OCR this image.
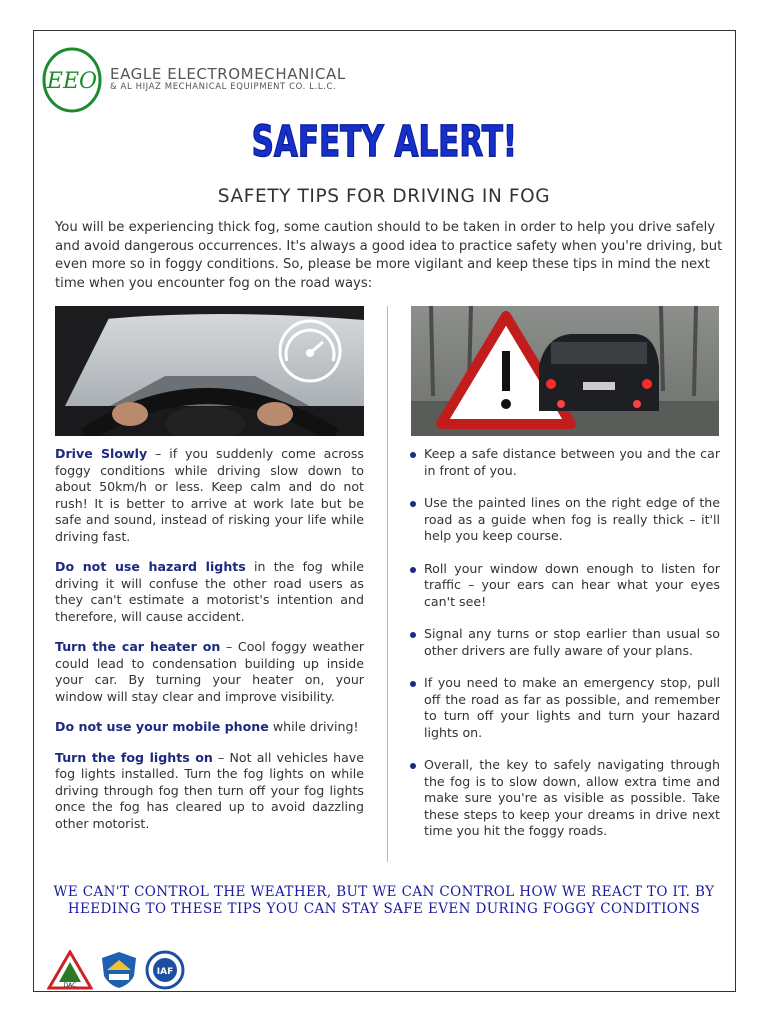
EEO EAGLE ELECTROMECHANICAL
& AL HIJAZ MECHANICAL EQUIPMENT CO. L.L.C.
SAFETY ALERT!
SAFETY TIPS FOR DRIVING IN FOG
You will be experiencing thick fog, some caution should to be taken in order to help you drive safely and avoid dangerous occurrences. It's always a good idea to practice safety when you're driving, but even more so in foggy conditions. So, please be more vigilant and keep these tips in mind the next time when you encounter fog on the road ways:

Drive Slowly – if you suddenly come across foggy conditions while driving slow down to about 50km/h or less. Keep calm and do not rush! It is better to arrive at work late but be safe and sound, instead of risking your life while driving fast.

Do not use hazard lights in the fog while driving it will confuse the other road users as they can't estimate a motorist's intention and therefore, will cause accident.

Turn the car heater on – Cool foggy weather could lead to condensation building up inside your car. By turning your heater on, your window will stay clear and improve visibility.

Do not use your mobile phone while driving!

Turn the fog lights on – Not all vehicles have fog lights installed. Turn the fog lights on while driving through fog then turn off your fog lights once the fog has cleared up to avoid dazzling other motorist.

Keep a safe distance between you and the car in front of you.
Use the painted lines on the right edge of the road as a guide when fog is really thick – it'll help you keep course.
Roll your window down enough to listen for traffic – your ears can hear what your eyes can't see!
Signal any turns or stop earlier than usual so other drivers are fully aware of your plans.
If you need to make an emergency stop, pull off the road as far as possible, and remember to turn off your lights and turn your hazard lights on.
Overall, the key to safely navigating through the fog is to slow down, allow extra time and make sure you're as visible as possible. Take these steps to keep your dreams in drive next time you hit the foggy roads.
WE CAN'T CONTROL THE WEATHER, BUT WE CAN CONTROL HOW WE REACT TO IT. BY HEEDING TO THESE TIPS YOU CAN STAY SAFE EVEN DURING FOGGY CONDITIONS
DAC
IAF
